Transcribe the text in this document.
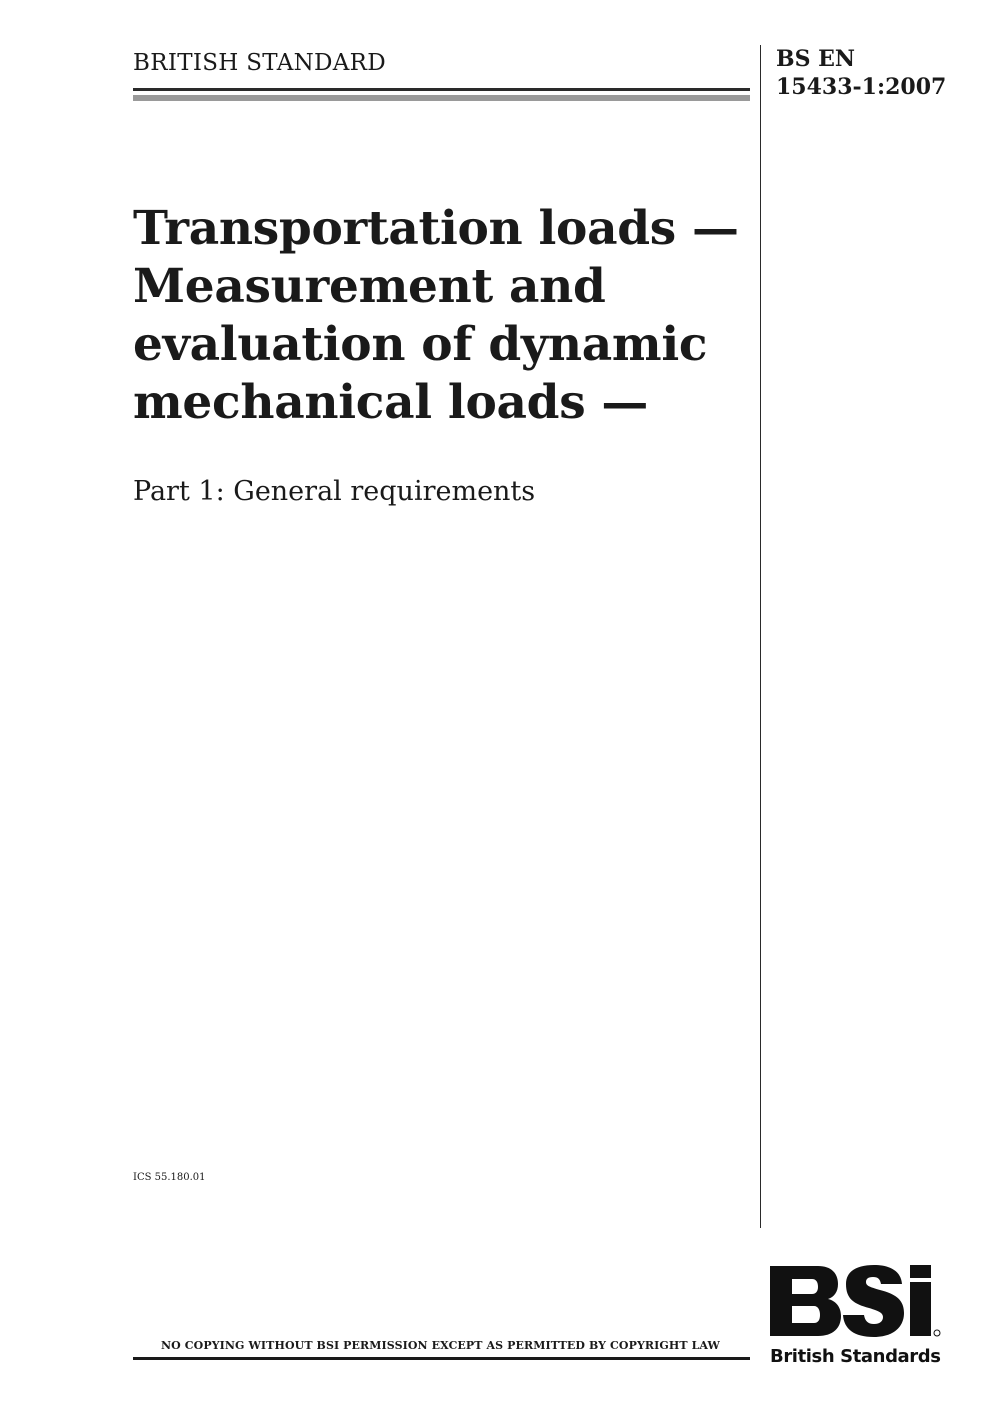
BRITISH STANDARD	BS EN
15433-1:2007
Transportation loads —
Measurement and
evaluation of dynamic
mechanical loads —
Part 1: General requirements
ICS 55.180.01
British Standards
NO COPYING WITHOUT BSI PERMISSION EXCEPT AS PERMITTED BY COPYRIGHT LAW
